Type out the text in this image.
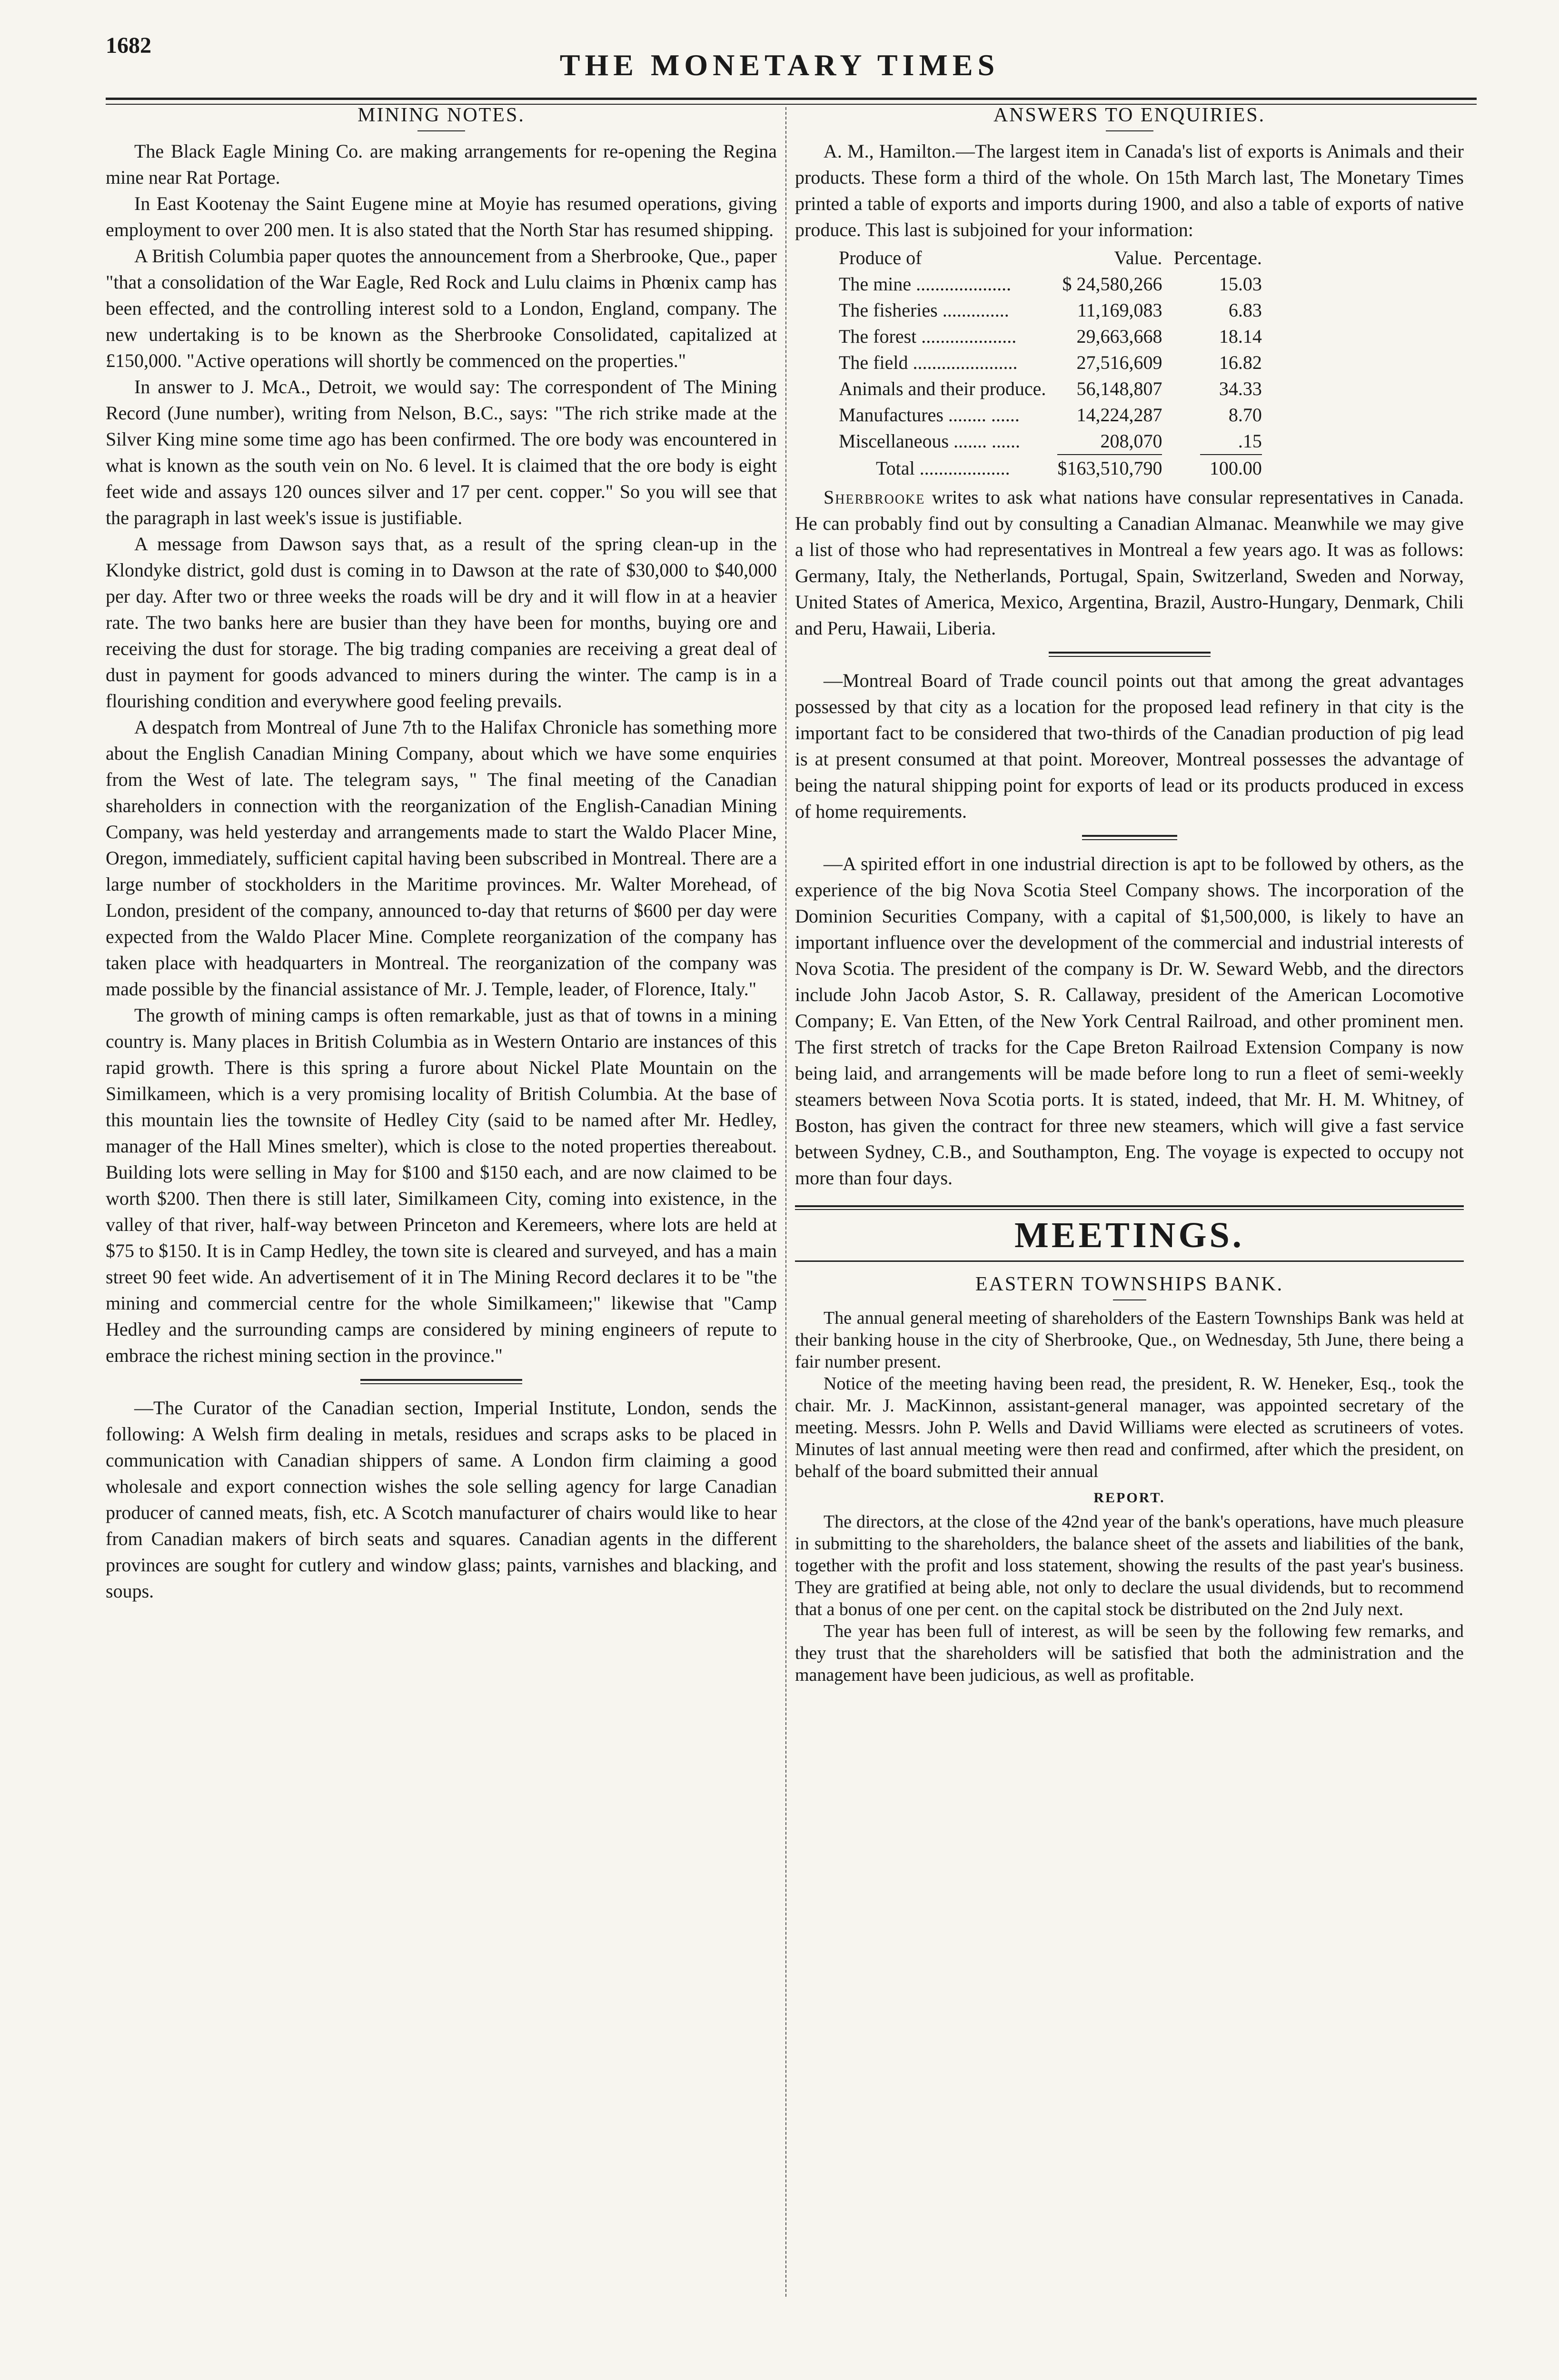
1682
THE MONETARY TIMES
MINING NOTES.

The Black Eagle Mining Co. are making arrangements for re-opening the Regina mine near Rat Portage.

In East Kootenay the Saint Eugene mine at Moyie has resumed operations, giving employment to over 200 men. It is also stated that the North Star has resumed shipping.

A British Columbia paper quotes the announcement from a Sherbrooke, Que., paper "that a consolidation of the War Eagle, Red Rock and Lulu claims in Phœnix camp has been effected, and the controlling interest sold to a London, England, company. The new undertaking is to be known as the Sherbrooke Consolidated, capitalized at £150,000. "Active operations will shortly be commenced on the properties."

In answer to J. McA., Detroit, we would say: The correspondent of The Mining Record (June number), writing from Nelson, B.C., says: "The rich strike made at the Silver King mine some time ago has been confirmed. The ore body was encountered in what is known as the south vein on No. 6 level. It is claimed that the ore body is eight feet wide and assays 120 ounces silver and 17 per cent. copper." So you will see that the paragraph in last week's issue is justifiable.

A message from Dawson says that, as a result of the spring clean-up in the Klondyke district, gold dust is coming in to Dawson at the rate of $30,000 to $40,000 per day. After two or three weeks the roads will be dry and it will flow in at a heavier rate. The two banks here are busier than they have been for months, buying ore and receiving the dust for storage. The big trading companies are receiving a great deal of dust in payment for goods advanced to miners during the winter. The camp is in a flourishing condition and everywhere good feeling prevails.

A despatch from Montreal of June 7th to the Halifax Chronicle has something more about the English Canadian Mining Company, about which we have some enquiries from the West of late. The telegram says, " The final meeting of the Canadian shareholders in connection with the reorganization of the English-Canadian Mining Company, was held yesterday and arrangements made to start the Waldo Placer Mine, Oregon, immediately, sufficient capital having been subscribed in Montreal. There are a large number of stockholders in the Maritime provinces. Mr. Walter Morehead, of London, president of the company, announced to-day that returns of $600 per day were expected from the Waldo Placer Mine. Complete reorganization of the company has taken place with headquarters in Montreal. The reorganization of the company was made possible by the financial assistance of Mr. J. Temple, leader, of Florence, Italy."

The growth of mining camps is often remarkable, just as that of towns in a mining country is. Many places in British Columbia as in Western Ontario are instances of this rapid growth. There is this spring a furore about Nickel Plate Mountain on the Similkameen, which is a very promising locality of British Columbia. At the base of this mountain lies the townsite of Hedley City (said to be named after Mr. Hedley, manager of the Hall Mines smelter), which is close to the noted properties thereabout. Building lots were selling in May for $100 and $150 each, and are now claimed to be worth $200. Then there is still later, Similkameen City, coming into existence, in the valley of that river, half-way between Princeton and Keremeers, where lots are held at $75 to $150. It is in Camp Hedley, the town site is cleared and surveyed, and has a main street 90 feet wide. An advertisement of it in The Mining Record declares it to be "the mining and commercial centre for the whole Similkameen;" likewise that "Camp Hedley and the surrounding camps are considered by mining engineers of repute to embrace the richest mining section in the province."

—The Curator of the Canadian section, Imperial Institute, London, sends the following: A Welsh firm dealing in metals, residues and scraps asks to be placed in communication with Canadian shippers of same. A London firm claiming a good wholesale and export connection wishes the sole selling agency for large Canadian producer of canned meats, fish, etc. A Scotch manufacturer of chairs would like to hear from Canadian makers of birch seats and squares. Canadian agents in the different provinces are sought for cutlery and window glass; paints, varnishes and blacking, and soups.

ANSWERS TO ENQUIRIES.

A. M., Hamilton.—The largest item in Canada's list of exports is Animals and their products. These form a third of the whole. On 15th March last, The Monetary Times printed a table of exports and imports during 1900, and also a table of exports of native produce. This last is subjoined for your information:

Produce of	Value.	Percentage.
The mine ....................	$ 24,580,266	15.03
The fisheries ..............	11,169,083	6.83
The forest ....................	29,663,668	18.14
The field ......................	27,516,609	16.82
Animals and their produce.	56,148,807	34.33
Manufactures ........ ......	14,224,287	8.70
Miscellaneous ....... ......	208,070	.15

Total ...................	$163,510,790	100.00

Sherbrooke writes to ask what nations have consular representatives in Canada. He can probably find out by consulting a Canadian Almanac. Meanwhile we may give a list of those who had representatives in Montreal a few years ago. It was as follows: Germany, Italy, the Netherlands, Portugal, Spain, Switzerland, Sweden and Norway, United States of America, Mexico, Argentina, Brazil, Austro-Hungary, Denmark, Chili and Peru, Hawaii, Liberia.

—Montreal Board of Trade council points out that among the great advantages possessed by that city as a location for the proposed lead refinery in that city is the important fact to be considered that two-thirds of the Canadian production of pig lead is at present consumed at that point. Moreover, Montreal possesses the advantage of being the natural shipping point for exports of lead or its products produced in excess of home requirements.

—A spirited effort in one industrial direction is apt to be followed by others, as the experience of the big Nova Scotia Steel Company shows. The incorporation of the Dominion Securities Company, with a capital of $1,500,000, is likely to have an important influence over the development of the commercial and industrial interests of Nova Scotia. The president of the company is Dr. W. Seward Webb, and the directors include John Jacob Astor, S. R. Callaway, president of the American Locomotive Company; E. Van Etten, of the New York Central Railroad, and other prominent men. The first stretch of tracks for the Cape Breton Railroad Extension Company is now being laid, and arrangements will be made before long to run a fleet of semi-weekly steamers between Nova Scotia ports. It is stated, indeed, that Mr. H. M. Whitney, of Boston, has given the contract for three new steamers, which will give a fast service between Sydney, C.B., and Southampton, Eng. The voyage is expected to occupy not more than four days.

MEETINGS.
EASTERN TOWNSHIPS BANK.

The annual general meeting of shareholders of the Eastern Townships Bank was held at their banking house in the city of Sherbrooke, Que., on Wednesday, 5th June, there being a fair number present.

Notice of the meeting having been read, the president, R. W. Heneker, Esq., took the chair. Mr. J. MacKinnon, assistant-general manager, was appointed secretary of the meeting. Messrs. John P. Wells and David Williams were elected as scrutineers of votes. Minutes of last annual meeting were then read and confirmed, after which the president, on behalf of the board submitted their annual

REPORT.

The directors, at the close of the 42nd year of the bank's operations, have much pleasure in submitting to the shareholders, the balance sheet of the assets and liabilities of the bank, together with the profit and loss statement, showing the results of the past year's business. They are gratified at being able, not only to declare the usual dividends, but to recommend that a bonus of one per cent. on the capital stock be distributed on the 2nd July next.

The year has been full of interest, as will be seen by the following few remarks, and they trust that the shareholders will be satisfied that both the administration and the management have been judicious, as well as profitable.
